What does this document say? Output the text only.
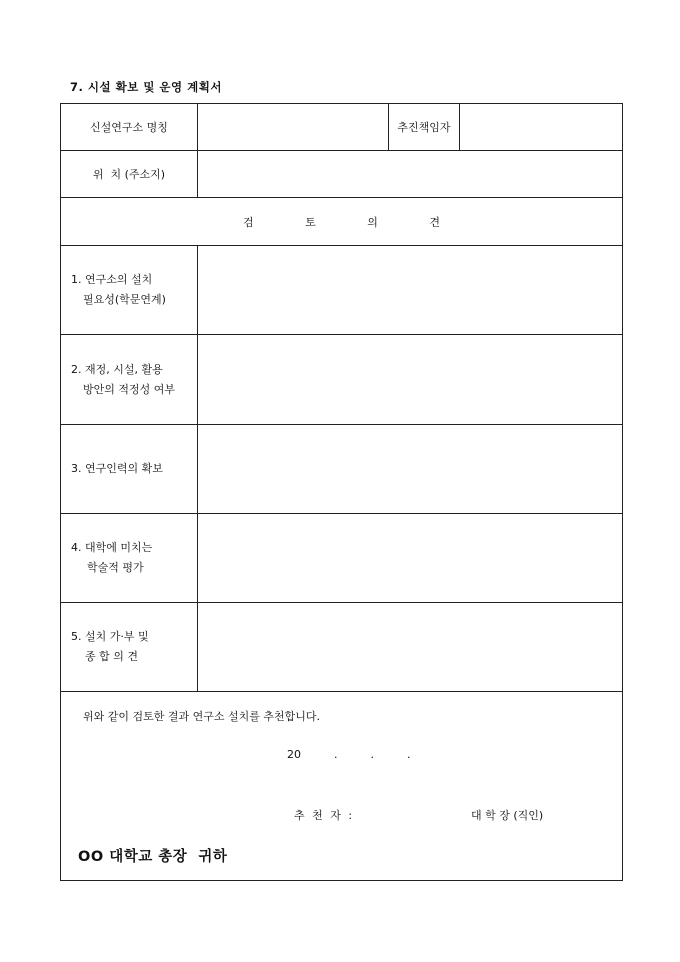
7. 시설 확보 및 운영 계획서
신설연구소 명칭		추진책임자	
위  치 (주소지)			
검 토 의 견			
1. 연구소의 설치
필요성(학문연계)			

2. 재정, 시설, 활용
방안의 적정성 여부			

3. 연구인력의 확보			
4. 대학에 미치는
학술적 평가			

5. 설치 가·부 및
종 합 의 견			

위와 같이 검토한 결과 연구소 설치를 추천합니다.
20 . . .
추 천 자 : 대 학 장 (직인)
OO 대학교 총장  귀하			
